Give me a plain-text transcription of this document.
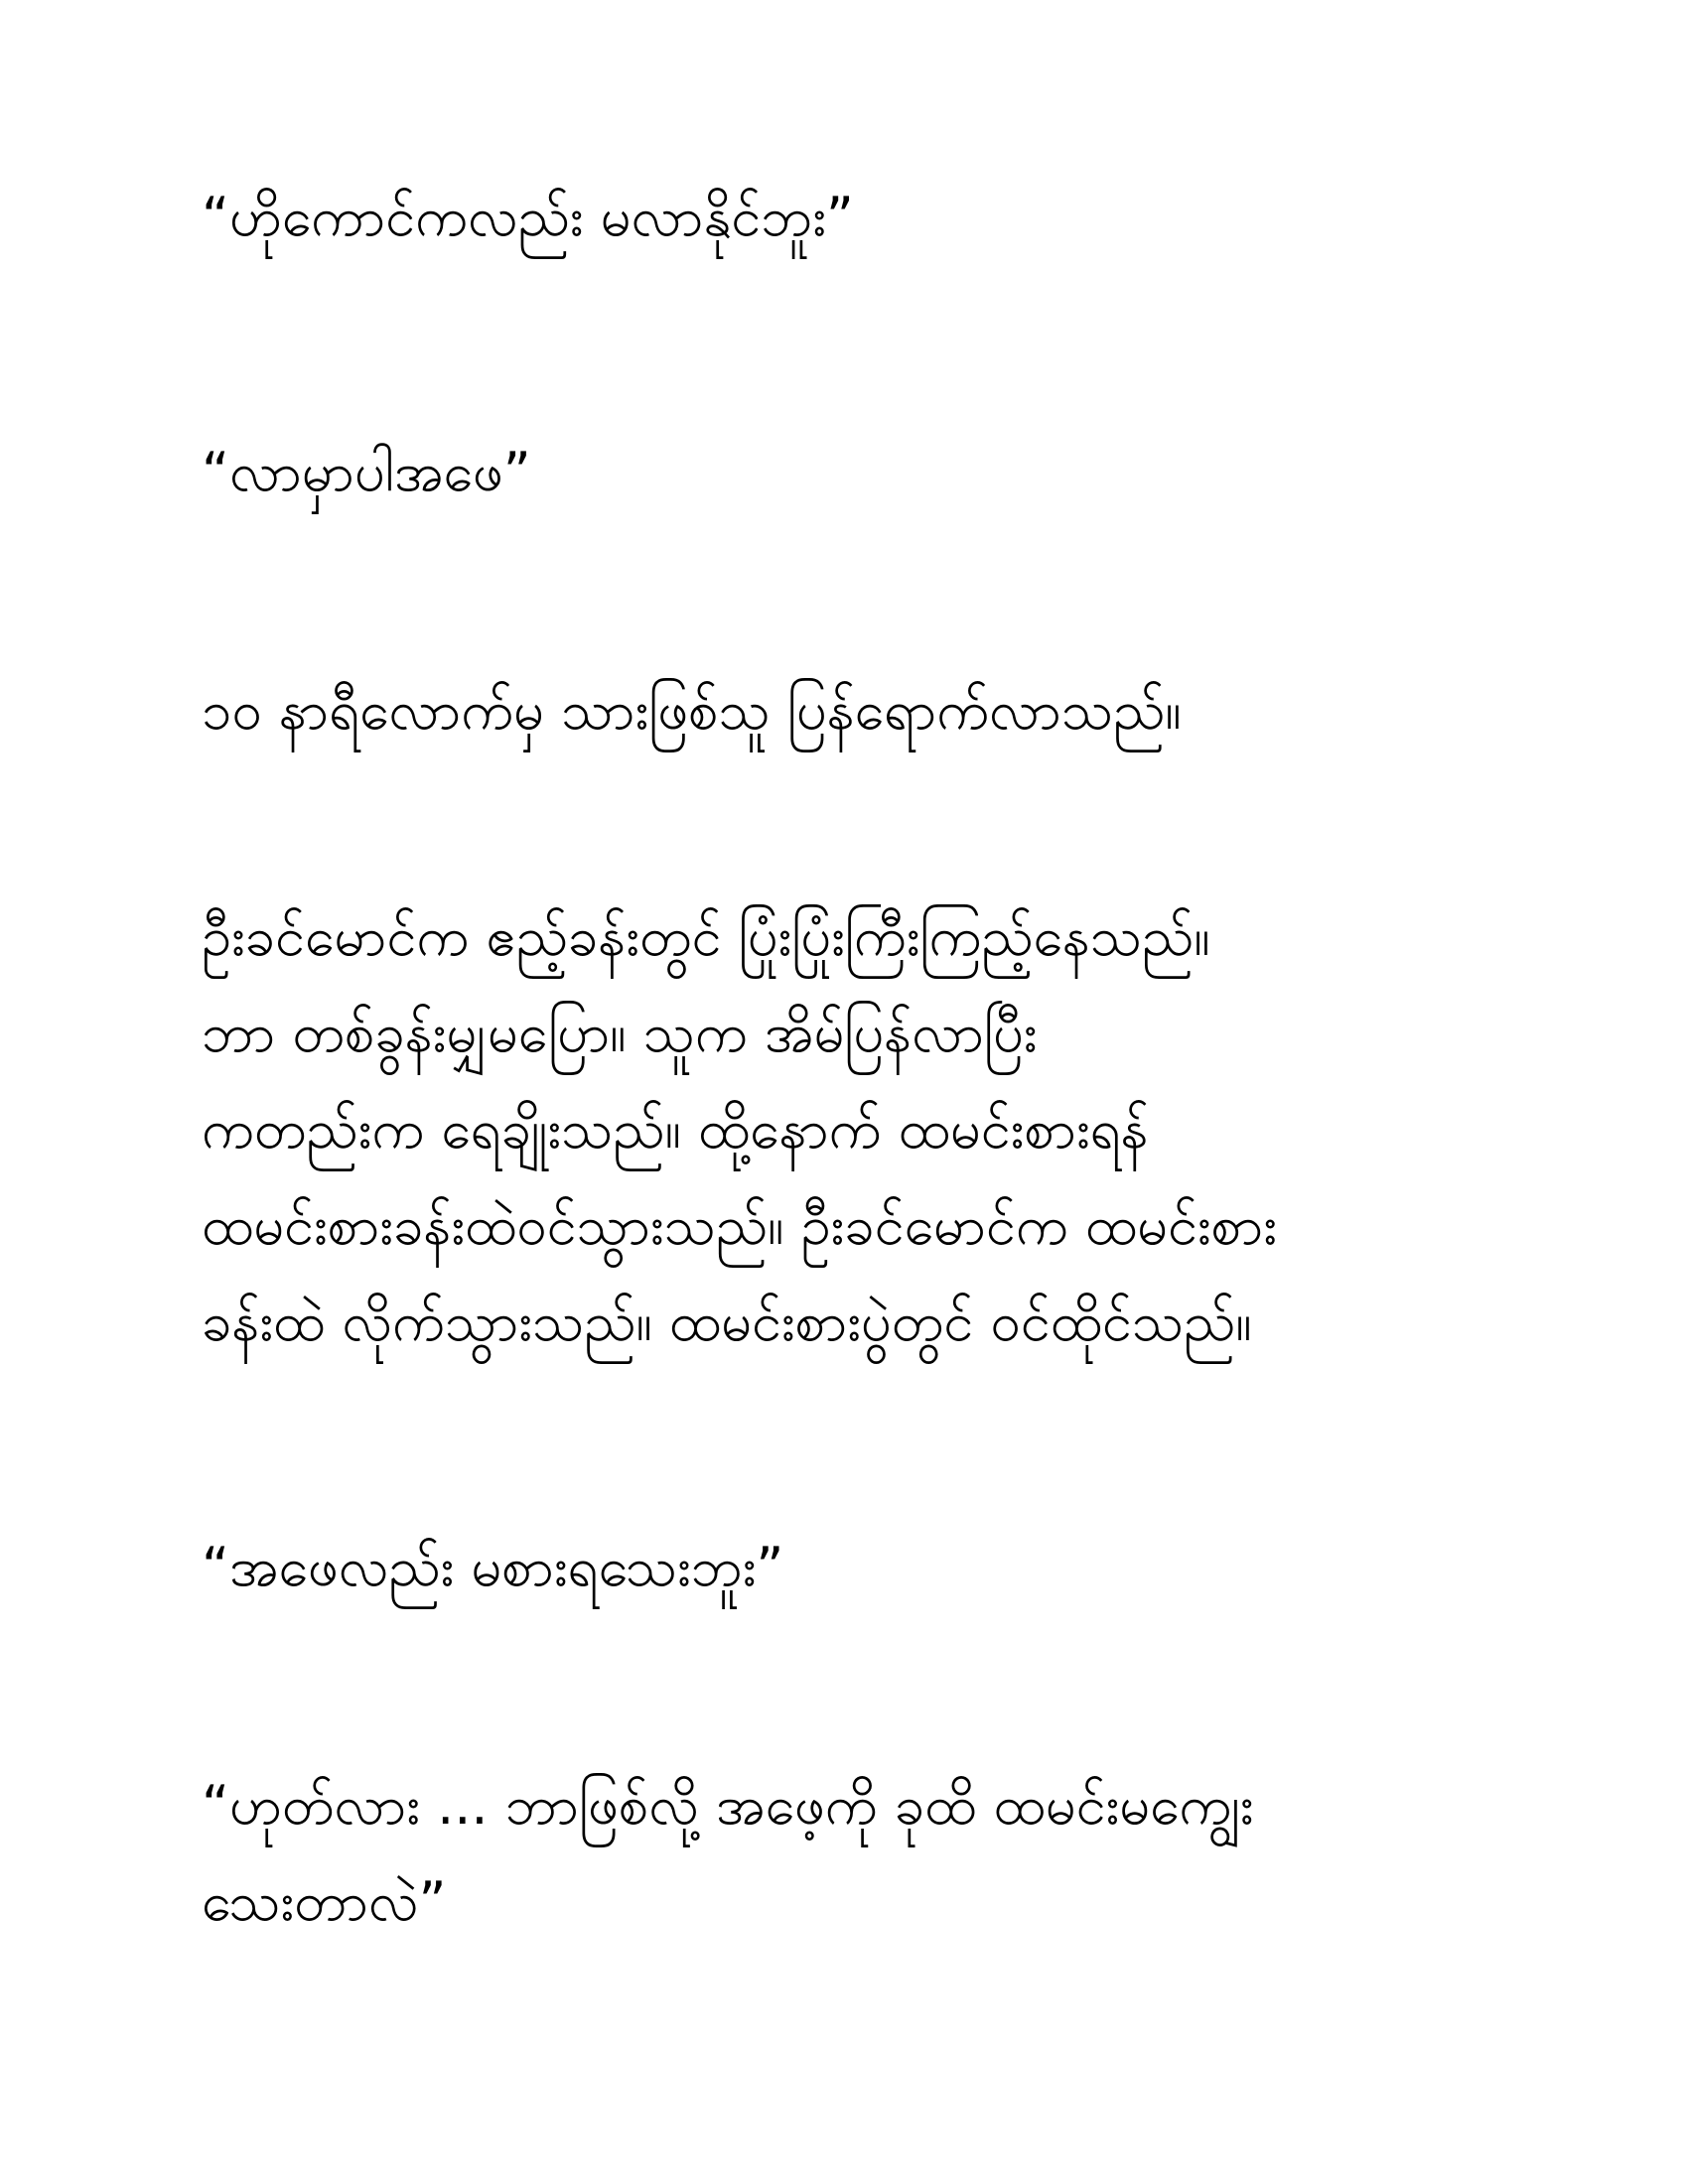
“ဟိုကောင်ကလည်း မလာနိုင်ဘူး”

“လာမှာပါအဖေ”

၁၀ နာရီလောက်မှ သားဖြစ်သူ ပြန်ရောက်လာသည်။

ဦးခင်မောင်က ဧည့်ခန်းတွင် ပြုံးပြုံးကြီးကြည့်နေသည်။
ဘာ တစ်ခွန်းမျှမပြော။ သူက အိမ်ပြန်လာပြီး
ကတည်းက ရေချိုးသည်။ ထို့နောက် ထမင်းစားရန်
ထမင်းစားခန်းထဲဝင်သွားသည်။ ဦးခင်မောင်က ထမင်းစား
ခန်းထဲ လိုက်သွားသည်။ ထမင်းစားပွဲတွင် ဝင်ထိုင်သည်။

“အဖေလည်း မစားရသေးဘူး”

“ဟုတ်လား ... ဘာဖြစ်လို့ အဖေ့ကို ခုထိ ထမင်းမကျွေး
သေးတာလဲ”
